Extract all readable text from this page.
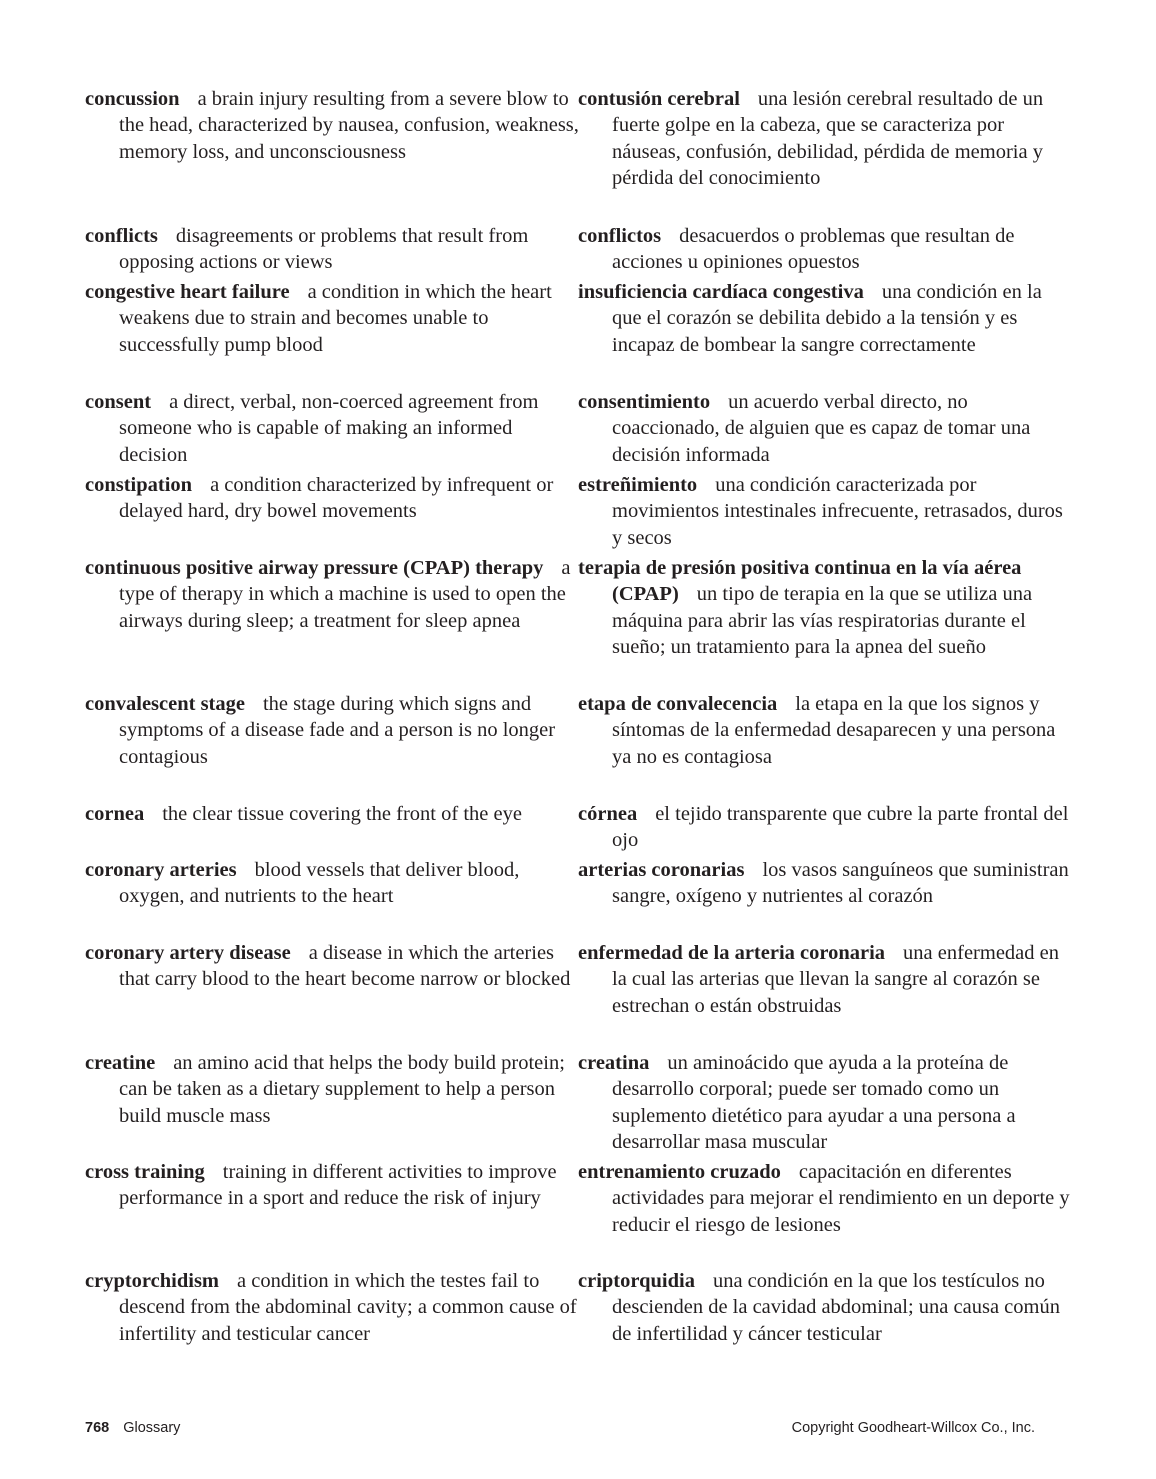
concussion a brain injury resulting from a severe blow to the head, characterized by nausea, confusion, weakness, memory loss, and unconsciousness

conflicts disagreements or problems that result from opposing actions or views

congestive heart failure a condition in which the heart weakens due to strain and becomes unable to successfully pump blood

consent a direct, verbal, non-coerced agreement from someone who is capable of making an informed decision

constipation a condition characterized by infrequent or delayed hard, dry bowel movements

continuous positive airway pressure (CPAP) therapy a type of therapy in which a machine is used to open the airways during sleep; a treatment for sleep apnea

convalescent stage the stage during which signs and symptoms of a disease fade and a person is no longer contagious

cornea the clear tissue covering the front of the eye

coronary arteries blood vessels that deliver blood, oxygen, and nutrients to the heart

coronary artery disease a disease in which the arteries that carry blood to the heart become narrow or blocked

creatine an amino acid that helps the body build protein; can be taken as a dietary supplement to help a person build muscle mass

cross training training in different activities to improve performance in a sport and reduce the risk of injury

cryptorchidism a condition in which the testes fail to descend from the abdominal cavity; a common cause of infertility and testicular cancer

contusión cerebral una lesión cerebral resultado de un fuerte golpe en la cabeza, que se caracteriza por náuseas, confusión, debilidad, pérdida de memoria y pérdida del conocimiento

conflictos desacuerdos o problemas que resultan de acciones u opiniones opuestos

insuficiencia cardíaca congestiva una condición en la que el corazón se debilita debido a la tensión y es incapaz de bombear la sangre correctamente

consentimiento un acuerdo verbal directo, no coaccionado, de alguien que es capaz de tomar una decisión informada

estreñimiento una condición caracterizada por movimientos intestinales infrecuente, retrasados, duros y secos

terapia de presión positiva continua en la vía aérea (CPAP) un tipo de terapia en la que se utiliza una máquina para abrir las vías respiratorias durante el sueño; un tratamiento para la apnea del sueño

etapa de convalecencia la etapa en la que los signos y síntomas de la enfermedad desaparecen y una persona ya no es contagiosa

córnea el tejido transparente que cubre la parte frontal del ojo

arterias coronarias los vasos sanguíneos que suministran sangre, oxígeno y nutrientes al corazón

enfermedad de la arteria coronaria una enfermedad en la cual las arterias que llevan la sangre al corazón se estrechan o están obstruidas

creatina un aminoácido que ayuda a la proteína de desarrollo corporal; puede ser tomado como un suplemento dietético para ayudar a una persona a desarrollar masa muscular

entrenamiento cruzado capacitación en diferentes actividades para mejorar el rendimiento en un deporte y reducir el riesgo de lesiones

criptorquidia una condición en la que los testículos no descienden de la cavidad abdominal; una causa común de infertilidad y cáncer testicular

768 Glossary	Copyright Goodheart-Willcox Co., Inc.
